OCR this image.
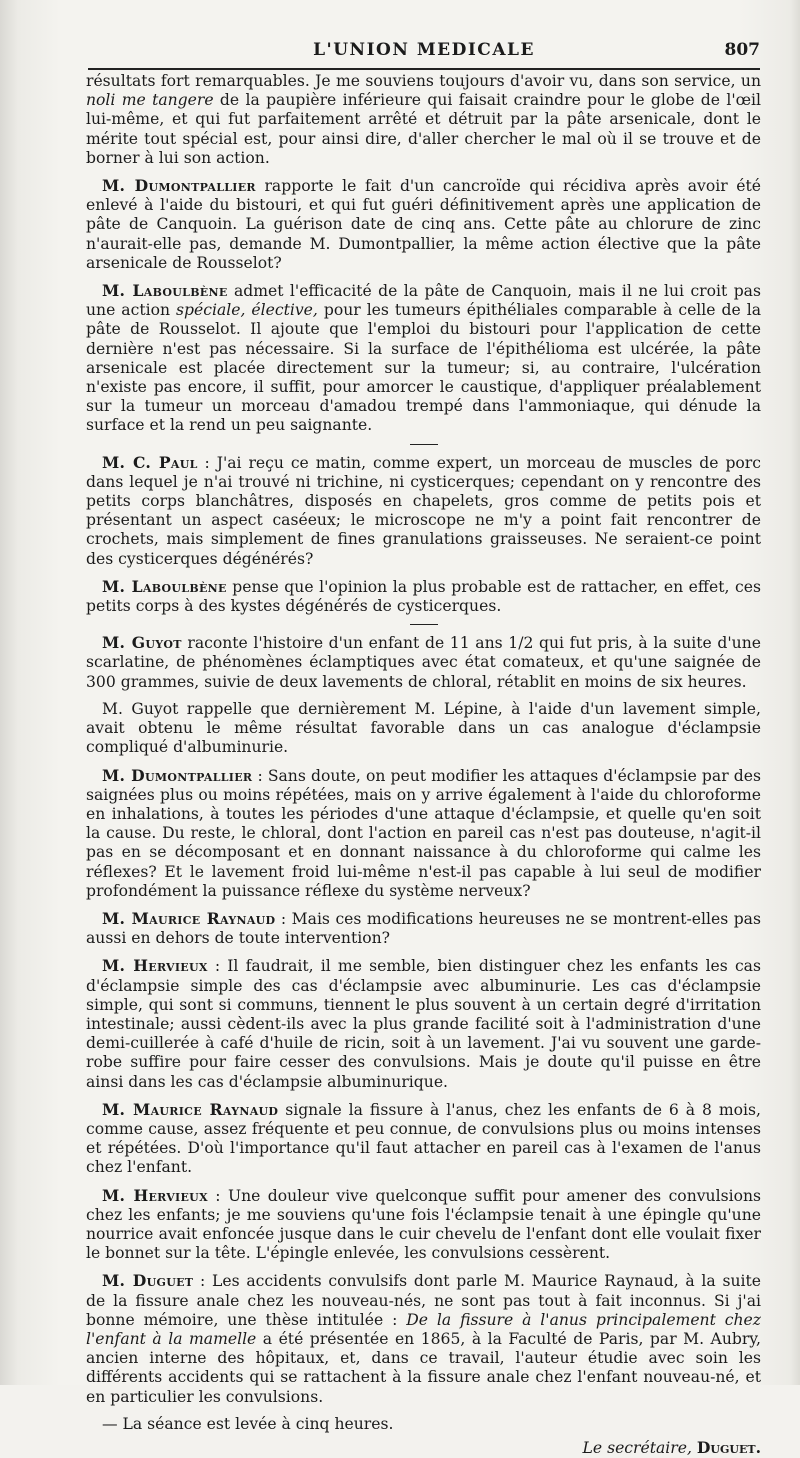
L'UNION MEDICALE	807

résultats fort remarquables. Je me souviens toujours d'avoir vu, dans son service, un noli me tangere de la paupière inférieure qui faisait craindre pour le globe de l'œil lui-même, et qui fut parfaitement arrêté et détruit par la pâte arsenicale, dont le mérite tout spécial est, pour ainsi dire, d'aller chercher le mal où il se trouve et de borner à lui son action.

M. Dumontpallier rapporte le fait d'un cancroïde qui récidiva après avoir été enlevé à l'aide du bistouri, et qui fut guéri définitivement après une application de pâte de Canquoin. La guérison date de cinq ans. Cette pâte au chlorure de zinc n'aurait-elle pas, demande M. Dumontpallier, la même action élective que la pâte arsenicale de Rousselot?

M. Laboulbène admet l'efficacité de la pâte de Canquoin, mais il ne lui croit pas une action spéciale, élective, pour les tumeurs épithéliales comparable à celle de la pâte de Rousselot. Il ajoute que l'emploi du bistouri pour l'application de cette dernière n'est pas nécessaire. Si la surface de l'épithélioma est ulcérée, la pâte arsenicale est placée directement sur la tumeur; si, au contraire, l'ulcération n'existe pas encore, il suffit, pour amorcer le caustique, d'appliquer préalablement sur la tumeur un morceau d'amadou trempé dans l'ammoniaque, qui dénude la surface et la rend un peu saignante.

M. C. Paul : J'ai reçu ce matin, comme expert, un morceau de muscles de porc dans lequel je n'ai trouvé ni trichine, ni cysticerques; cependant on y rencontre des petits corps blanchâtres, disposés en chapelets, gros comme de petits pois et présentant un aspect caséeux; le microscope ne m'y a point fait rencontrer de crochets, mais simplement de fines granulations graisseuses. Ne seraient-ce point des cysticerques dégénérés?

M. Laboulbène pense que l'opinion la plus probable est de rattacher, en effet, ces petits corps à des kystes dégénérés de cysticerques.

M. Guyot raconte l'histoire d'un enfant de 11 ans 1/2 qui fut pris, à la suite d'une scarlatine, de phénomènes éclamptiques avec état comateux, et qu'une saignée de 300 grammes, suivie de deux lavements de chloral, rétablit en moins de six heures.

M. Guyot rappelle que dernièrement M. Lépine, à l'aide d'un lavement simple, avait obtenu le même résultat favorable dans un cas analogue d'éclampsie compliqué d'albuminurie.

M. Dumontpallier : Sans doute, on peut modifier les attaques d'éclampsie par des saignées plus ou moins répétées, mais on y arrive également à l'aide du chloroforme en inhalations, à toutes les périodes d'une attaque d'éclampsie, et quelle qu'en soit la cause. Du reste, le chloral, dont l'action en pareil cas n'est pas douteuse, n'agit-il pas en se décomposant et en donnant naissance à du chloroforme qui calme les réflexes? Et le lavement froid lui-même n'est-il pas capable à lui seul de modifier profondément la puissance réflexe du système nerveux?

M. Maurice Raynaud : Mais ces modifications heureuses ne se montrent-elles pas aussi en dehors de toute intervention?

M. Hervieux : Il faudrait, il me semble, bien distinguer chez les enfants les cas d'éclampsie simple des cas d'éclampsie avec albuminurie. Les cas d'éclampsie simple, qui sont si communs, tiennent le plus souvent à un certain degré d'irritation intestinale; aussi cèdent-ils avec la plus grande facilité soit à l'administration d'une demi-cuillerée à café d'huile de ricin, soit à un lavement. J'ai vu souvent une garde-robe suffire pour faire cesser des convulsions. Mais je doute qu'il puisse en être ainsi dans les cas d'éclampsie albuminurique.

M. Maurice Raynaud signale la fissure à l'anus, chez les enfants de 6 à 8 mois, comme cause, assez fréquente et peu connue, de convulsions plus ou moins intenses et répétées. D'où l'importance qu'il faut attacher en pareil cas à l'examen de l'anus chez l'enfant.

M. Hervieux : Une douleur vive quelconque suffit pour amener des convulsions chez les enfants; je me souviens qu'une fois l'éclampsie tenait à une épingle qu'une nourrice avait enfoncée jusque dans le cuir chevelu de l'enfant dont elle voulait fixer le bonnet sur la tête. L'épingle enlevée, les convulsions cessèrent.

M. Duguet : Les accidents convulsifs dont parle M. Maurice Raynaud, à la suite de la fissure anale chez les nouveau-nés, ne sont pas tout à fait inconnus. Si j'ai bonne mémoire, une thèse intitulée : De la fissure à l'anus principalement chez l'enfant à la mamelle a été présentée en 1865, à la Faculté de Paris, par M. Aubry, ancien interne des hôpitaux, et, dans ce travail, l'auteur étudie avec soin les différents accidents qui se rattachent à la fissure anale chez l'enfant nouveau-né, et en particulier les convulsions.

— La séance est levée à cinq heures.

Le secrétaire, Duguet.
